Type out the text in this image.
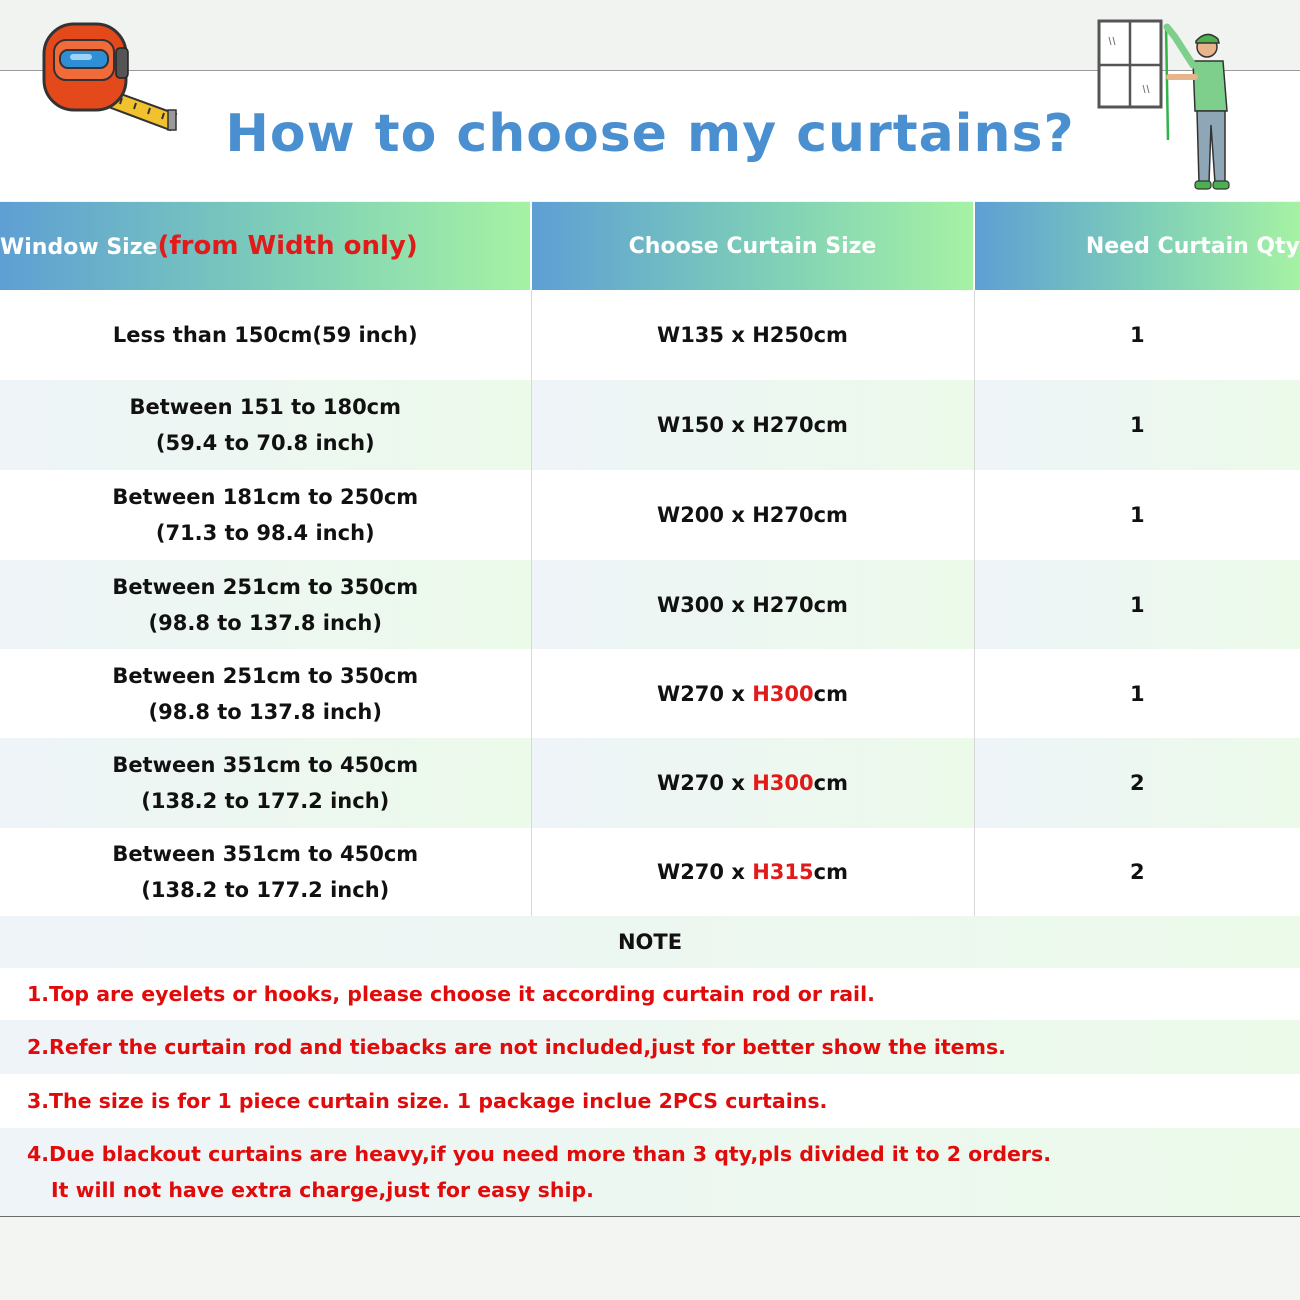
How to choose my curtains?
Window Size(from Width only)	Choose Curtain Size	Need Curtain Qty
Less than 150cm(59 inch)	W135 x H250cm	1
Between 151 to 180cm
(59.4 to 70.8 inch)	W150 x H270cm	1
Between 181cm to 250cm
(71.3 to 98.4 inch)	W200 x H270cm	1
Between 251cm to 350cm
(98.8 to 137.8 inch)	W300 x H270cm	1
Between 251cm to 350cm
(98.8 to 137.8 inch)	W270 x H300cm	1
Between 351cm to 450cm
(138.2 to 177.2 inch)	W270 x H300cm	2
Between 351cm to 450cm
(138.2 to 177.2 inch)	W270 x H315cm	2
NOTE
1.Top are eyelets or hooks, please choose it according curtain rod or rail.
2.Refer the curtain rod and tiebacks are not included,just for better show the items.
3.The size is for 1 piece curtain size. 1 package inclue 2PCS curtains.
4.Due blackout curtains are heavy,if you need more than 3 qty,pls divided it to 2 orders.
It will not have extra charge,just for easy ship.
